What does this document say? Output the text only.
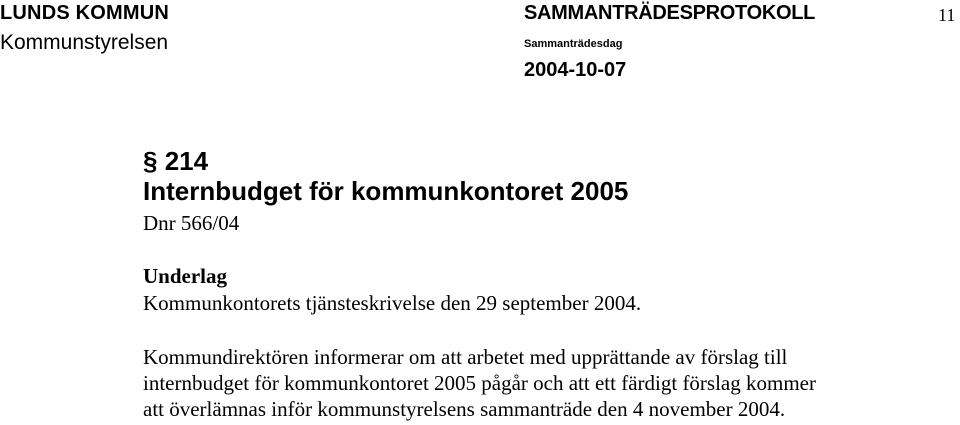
LUNDS KOMMUN
Kommunstyrelsen
SAMMANTRÄDESPROTOKOLL
Sammanträdesdag
2004-10-07
11
§ 214
Internbudget för kommunkontoret 2005
Dnr 566/04
Underlag
Kommunkontorets tjänsteskrivelse den 29 september 2004.
Kommundirektören informerar om att arbetet med upprättande av förslag till
internbudget för kommunkontoret 2005 pågår och att ett färdigt förslag kommer
att överlämnas inför kommunstyrelsens sammanträde den 4 november 2004.
